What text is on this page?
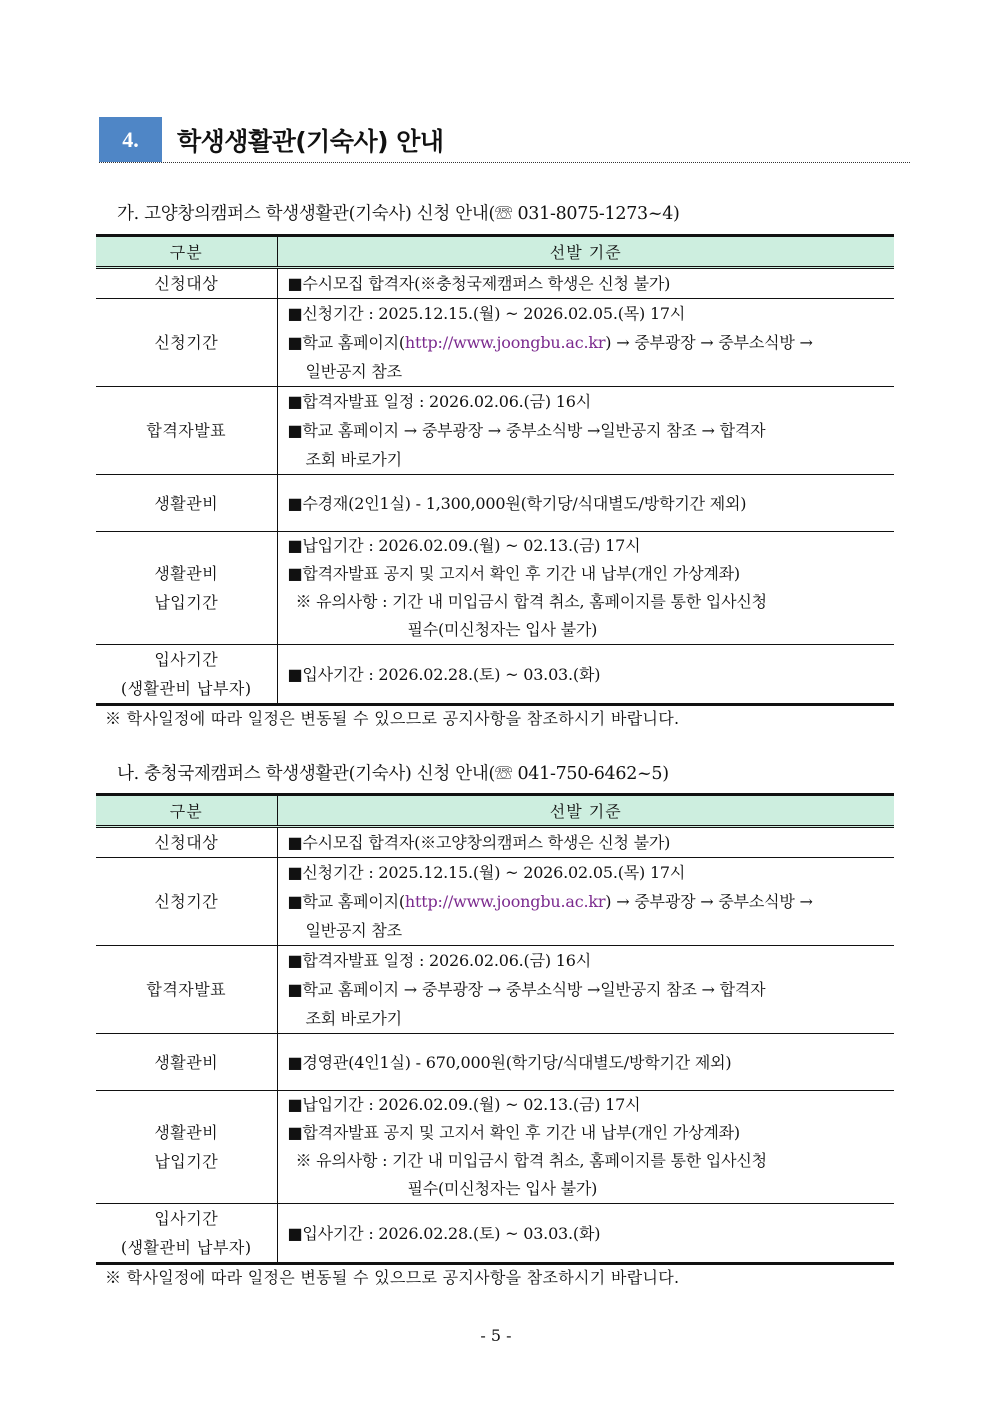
4.	학생생활관(기숙사) 안내
가. 고양창의캠퍼스 학생생활관(기숙사) 신청 안내(☏ 031-8075-1273~4)
구분	선발 기준
신청대상	■수시모집 합격자(※충청국제캠퍼스 학생은 신청 불가)

신청기간	■신청기간 : 2025.12.15.(월) ~ 2026.02.05.(목) 17시
■학교 홈페이지(http://www.joongbu.ac.kr) → 중부광장 → 중부소식방 →
일반공지 참조

합격자발표	■합격자발표 일정 : 2026.02.06.(금) 16시
■학교 홈페이지 → 중부광장 → 중부소식방 →일반공지 참조 → 합격자
조회 바로가기

생활관비	■수경재(2인1실) - 1,300,000원(학기당/식대별도/방학기간 제외)

생활관비
납입기간	■납입기간 : 2026.02.09.(월) ~ 02.13.(금) 17시
■합격자발표 공지 및 고지서 확인 후 기간 내 납부(개인 가상계좌)
※ 유의사항 : 기간 내 미입금시 합격 취소, 홈페이지를 통한 입사신청
필수(미신청자는 입사 불가)

입사기간
(생활관비 납부자)	■입사기간 : 2026.02.28.(토) ~ 03.03.(화)
※ 학사일정에 따라 일정은 변동될 수 있으므로 공지사항을 참조하시기 바랍니다.
나. 충청국제캠퍼스 학생생활관(기숙사) 신청 안내(☏ 041-750-6462~5)
구분	선발 기준
신청대상	■수시모집 합격자(※고양창의캠퍼스 학생은 신청 불가)

신청기간	■신청기간 : 2025.12.15.(월) ~ 2026.02.05.(목) 17시
■학교 홈페이지(http://www.joongbu.ac.kr) → 중부광장 → 중부소식방 →
일반공지 참조

합격자발표	■합격자발표 일정 : 2026.02.06.(금) 16시
■학교 홈페이지 → 중부광장 → 중부소식방 →일반공지 참조 → 합격자
조회 바로가기

생활관비	■경영관(4인1실) - 670,000원(학기당/식대별도/방학기간 제외)

생활관비
납입기간	■납입기간 : 2026.02.09.(월) ~ 02.13.(금) 17시
■합격자발표 공지 및 고지서 확인 후 기간 내 납부(개인 가상계좌)
※ 유의사항 : 기간 내 미입금시 합격 취소, 홈페이지를 통한 입사신청
필수(미신청자는 입사 불가)

입사기간
(생활관비 납부자)	■입사기간 : 2026.02.28.(토) ~ 03.03.(화)
※ 학사일정에 따라 일정은 변동될 수 있으므로 공지사항을 참조하시기 바랍니다.
- 5 -
